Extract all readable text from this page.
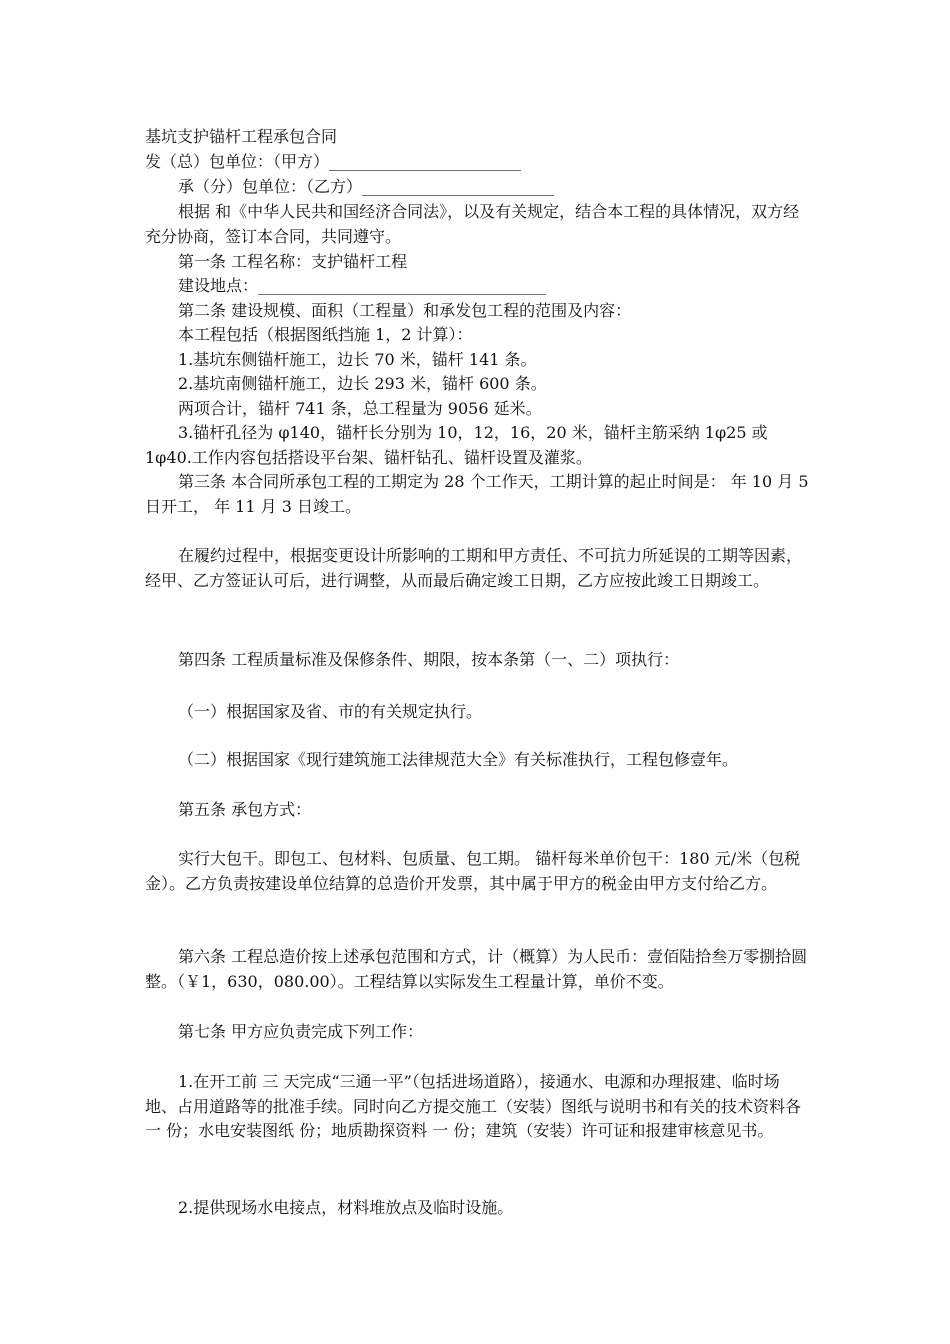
基坑支护锚杆工程承包合同

发（总）包单位：（甲方）________________________

承（分）包单位：（乙方）________________________

根据 和《中华人民共和国经济合同法》，以及有关规定，结合本工程的具体情况，双方经充分协商，签订本合同，共同遵守。

第一条 工程名称：支护锚杆工程

建设地点：____________________________________

第二条 建设规模、面积（工程量）和承发包工程的范围及内容：

本工程包括（根据图纸挡施 1，2 计算）：

1.基坑东侧锚杆施工，边长 70 米，锚杆 141 条。

2.基坑南侧锚杆施工，边长 293 米，锚杆 600 条。

两项合计，锚杆 741 条，总工程量为 9056 延米。

3.锚杆孔径为 φ140，锚杆长分别为 10，12，16，20 米，锚杆主筋采纳 1φ25 或 1φ40.工作内容包括搭设平台架、锚杆钻孔、锚杆设置及灌浆。

第三条 本合同所承包工程的工期定为 28 个工作天，工期计算的起止时间是： 年 10 月 5 日开工， 年 11 月 3 日竣工。

在履约过程中，根据变更设计所影响的工期和甲方责任、不可抗力所延误的工期等因素，经甲、乙方签证认可后，进行调整，从而最后确定竣工日期，乙方应按此竣工日期竣工。

第四条 工程质量标准及保修条件、期限，按本条第（一、二）项执行：

（一）根据国家及省、市的有关规定执行。

（二）根据国家《现行建筑施工法律规范大全》有关标准执行，工程包修壹年。

第五条 承包方式：

实行大包干。即包工、包材料、包质量、包工期。 锚杆每米单价包干：180 元/米（包税金）。乙方负责按建设单位结算的总造价开发票，其中属于甲方的税金由甲方支付给乙方。

第六条 工程总造价按上述承包范围和方式，计（概算）为人民币：壹佰陆拾叁万零捌拾圆整。（￥1，630，080.00）。工程结算以实际发生工程量计算，单价不变。

第七条 甲方应负责完成下列工作：

1.在开工前 三 天完成“三通一平”（包括进场道路），接通水、电源和办理报建、临时场地、占用道路等的批准手续。同时向乙方提交施工（安装）图纸与说明书和有关的技术资料各 一 份；水电安装图纸 份；地质勘探资料 一 份；建筑（安装）许可证和报建审核意见书。

2.提供现场水电接点，材料堆放点及临时设施。
